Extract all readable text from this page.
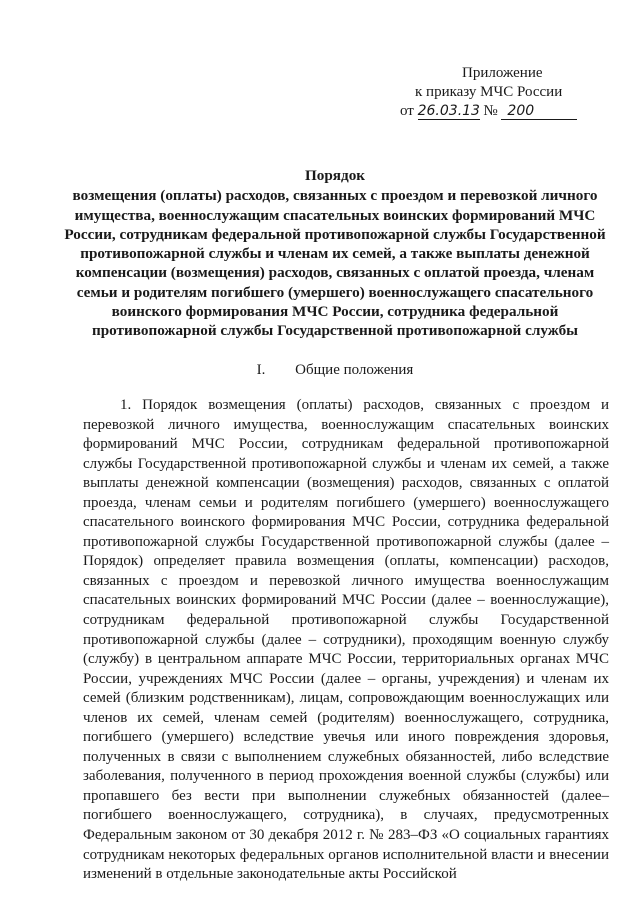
Приложение
к приказу МЧС России
от 26.03.13 № 200
Порядок
возмещения (оплаты) расходов, связанных с проездом и перевозкой личного имущества, военнослужащим спасательных воинских формирований МЧС России, сотрудникам федеральной противопожарной службы Государственной противопожарной службы и членам их семей, а также выплаты денежной компенсации (возмещения) расходов, связанных с оплатой проезда, членам семьи и родителям погибшего (умершего) военнослужащего спасательного воинского формирования МЧС России, сотрудника федеральной противопожарной службы Государственной противопожарной службы
I. Общие положения

1. Порядок возмещения (оплаты) расходов, связанных с проездом и перевозкой личного имущества, военнослужащим спасательных воинских формирований МЧС России, сотрудникам федеральной противопожарной службы Государственной противопожарной службы и членам их семей, а также выплаты денежной компенсации (возмещения) расходов, связанных с оплатой проезда, членам семьи и родителям погибшего (умершего) военнослужащего спасательного воинского формирования МЧС России, сотрудника федеральной противопожарной службы Государственной противопожарной службы (далее – Порядок) определяет правила возмещения (оплаты, компенсации) расходов, связанных с проездом и перевозкой личного имущества военнослужащим спасательных воинских формирований МЧС России (далее – военнослужащие), сотрудникам федеральной противопожарной службы Государственной противопожарной службы (далее – сотрудники), проходящим военную службу (службу) в центральном аппарате МЧС России, территориальных органах МЧС России, учреждениях МЧС России (далее – органы, учреждения) и членам их семей (близким родственникам), лицам, сопровождающим военнослужащих или членов их семей, членам семей (родителям) военнослужащего, сотрудника, погибшего (умершего) вследствие увечья или иного повреждения здоровья, полученных в связи с выполнением служебных обязанностей, либо вследствие заболевания, полученного в период прохождения военной службы (службы) или пропавшего без вести при выполнении служебных обязанностей (далее– погибшего военнослужащего, сотрудника), в случаях, предусмотренных Федеральным законом от 30 декабря 2012 г. № 283–ФЗ «О социальных гарантиях сотрудникам некоторых федеральных органов исполнительной власти и внесении изменений в отдельные законодательные акты Российской
